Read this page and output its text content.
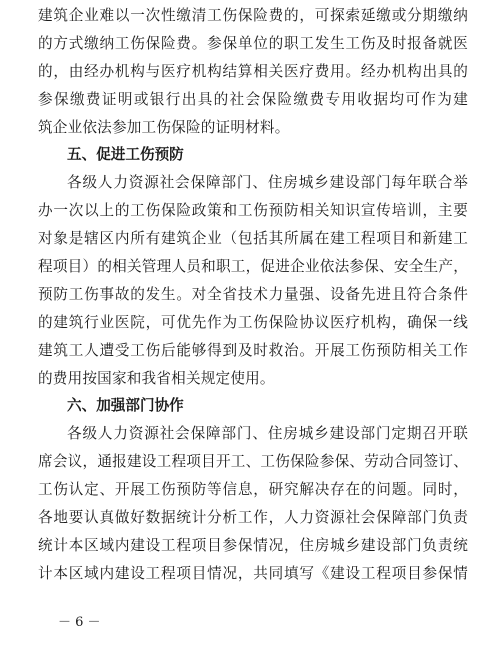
建筑企业难以一次性缴清工伤保险费的，可探索延缴或分期缴纳
的方式缴纳工伤保险费。参保单位的职工发生工伤及时报备就医
的，由经办机构与医疗机构结算相关医疗费用。经办机构出具的
参保缴费证明或银行出具的社会保险缴费专用收据均可作为建
筑企业依法参加工伤保险的证明材料。
五、促进工伤预防
各级人力资源社会保障部门、住房城乡建设部门每年联合举
办一次以上的工伤保险政策和工伤预防相关知识宣传培训，主要
对象是辖区内所有建筑企业（包括其所属在建工程项目和新建工
程项目）的相关管理人员和职工，促进企业依法参保、安全生产，
预防工伤事故的发生。对全省技术力量强、设备先进且符合条件
的建筑行业医院，可优先作为工伤保险协议医疗机构，确保一线
建筑工人遭受工伤后能够得到及时救治。开展工伤预防相关工作
的费用按国家和我省相关规定使用。
六、加强部门协作
各级人力资源社会保障部门、住房城乡建设部门定期召开联
席会议，通报建设工程项目开工、工伤保险参保、劳动合同签订、
工伤认定、开展工伤预防等信息，研究解决存在的问题。同时，
各地要认真做好数据统计分析工作，人力资源社会保障部门负责
统计本区域内建设工程项目参保情况，住房城乡建设部门负责统
计本区域内建设工程项目情况，共同填写《建设工程项目参保情
－ 6 －
